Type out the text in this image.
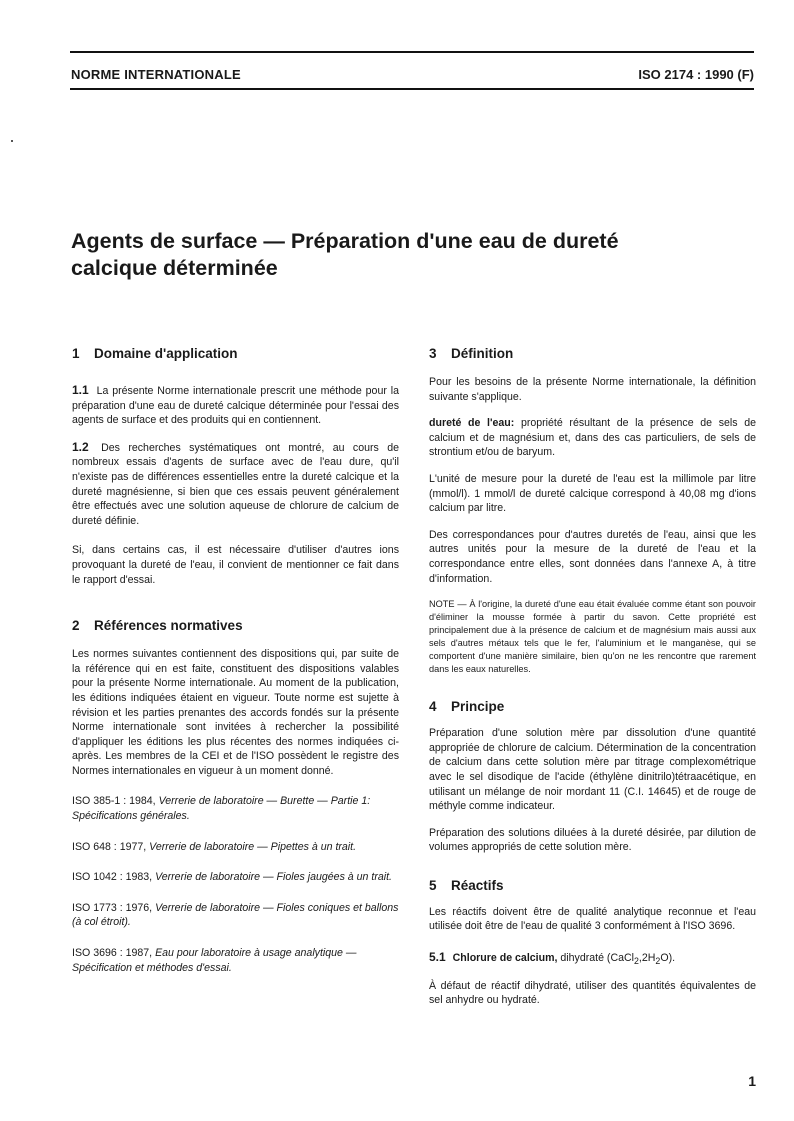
NORME INTERNATIONALE	ISO 2174 : 1990 (F)
Agents de surface — Préparation d'une eau de dureté
calcique déterminée
1 Domaine d'application

1.1 La présente Norme internationale prescrit une méthode pour la préparation d'une eau de dureté calcique déterminée pour l'essai des agents de surface et des produits qui en contiennent.

1.2 Des recherches systématiques ont montré, au cours de nombreux essais d'agents de surface avec de l'eau dure, qu'il n'existe pas de différences essentielles entre la dureté calcique et la dureté magnésienne, si bien que ces essais peuvent généralement être effectués avec une solution aqueuse de chlorure de calcium de dureté définie.

Si, dans certains cas, il est nécessaire d'utiliser d'autres ions provoquant la dureté de l'eau, il convient de mentionner ce fait dans le rapport d'essai.

2 Références normatives

Les normes suivantes contiennent des dispositions qui, par suite de la référence qui en est faite, constituent des dispositions valables pour la présente Norme internationale. Au moment de la publication, les éditions indiquées étaient en vigueur. Toute norme est sujette à révision et les parties prenantes des accords fondés sur la présente Norme internationale sont invitées à rechercher la possibilité d'appliquer les éditions les plus récentes des normes indiquées ci-après. Les membres de la CEI et de l'ISO possèdent le registre des Normes internationales en vigueur à un moment donné.

ISO 385-1 : 1984, Verrerie de laboratoire — Burette — Partie 1: Spécifications générales.

ISO 648 : 1977, Verrerie de laboratoire — Pipettes à un trait.

ISO 1042 : 1983, Verrerie de laboratoire — Fioles jaugées à un trait.

ISO 1773 : 1976, Verrerie de laboratoire — Fioles coniques et ballons (à col étroit).

ISO 3696 : 1987, Eau pour laboratoire à usage analytique — Spécification et méthodes d'essai.

3 Définition

Pour les besoins de la présente Norme internationale, la définition suivante s'applique.

dureté de l'eau: propriété résultant de la présence de sels de calcium et de magnésium et, dans des cas particuliers, de sels de strontium et/ou de baryum.

L'unité de mesure pour la dureté de l'eau est la millimole par litre (mmol/l). 1 mmol/l de dureté calcique correspond à 40,08 mg d'ions calcium par litre.

Des correspondances pour d'autres duretés de l'eau, ainsi que les autres unités pour la mesure de la dureté de l'eau et la correspondance entre elles, sont données dans l'annexe A, à titre d'information.

NOTE — À l'origine, la dureté d'une eau était évaluée comme étant son pouvoir d'éliminer la mousse formée à partir du savon. Cette propriété est principalement due à la présence de calcium et de magnésium mais aussi aux sels d'autres métaux tels que le fer, l'aluminium et le manganèse, qui se comportent d'une manière similaire, bien qu'on ne les rencontre que rarement dans les eaux naturelles.

4 Principe

Préparation d'une solution mère par dissolution d'une quantité appropriée de chlorure de calcium. Détermination de la concentration de calcium dans cette solution mère par titrage complexométrique avec le sel disodique de l'acide (éthylène dinitrilo)tétraacétique, en utilisant un mélange de noir mordant 11 (C.I. 14645) et de rouge de méthyle comme indicateur.

Préparation des solutions diluées à la dureté désirée, par dilution de volumes appropriés de cette solution mère.

5 Réactifs

Les réactifs doivent être de qualité analytique reconnue et l'eau utilisée doit être de l'eau de qualité 3 conformément à l'ISO 3696.

5.1 Chlorure de calcium, dihydraté $(CaCl_2,2H_2O)$.

À défaut de réactif dihydraté, utiliser des quantités équivalentes de sel anhydre ou hydraté.

1
